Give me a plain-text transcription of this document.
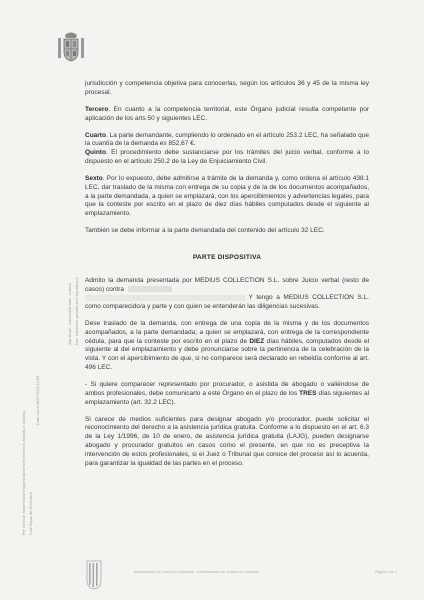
Per verificar l'autenticitat d'aquest document electrònic accediu a l'adreça Codi Segur de Verificació
Data i hora 06/07/2022 13:05
Signat per: Juez/Letrat Adm. Justícia Doc. electrònic garantit amb signatura-e

jurisdicción y competencia objetiva para conocerlas, según los artículos 36 y 45 de la misma ley procesal.

Tercero. En cuanto a la competencia territorial, este Órgano judicial resulta competente por aplicación de los arts 50 y siguientes LEC.

Cuarto. La parte demandante, cumpliendo lo ordenado en el artículo 253.2 LEC, ha señalado que la cuantía de la demanda es 852,67 €.

Quinto. El procedimiento debe sustanciarse por los trámites del juicio verbal, conforme a lo dispuesto en el artículo 250.2 de la Ley de Enjuiciamiento Civil.

Sexto. Por lo expuesto, debe admitirse a trámite de la demanda y, como ordena el artículo 438.1 LEC, dar traslado de la misma con entrega de su copia y de la de los documentos acompañados, a la parte demandada, a quien se emplazará, con los apercibimientos y advertencias legales, para que la conteste por escrito en el plazo de diez días hábiles computados desde el siguiente al emplazamiento.

También se debe informar a la parte demandada del contenido del artículo 32 LEC.

PARTE DISPOSITIVA

Admito la demanda presentada por MEDIUS COLLECTION S.L. sobre Juicio verbal (resto de casos) contra
Y tengo a MEDIUS COLLECTION S.L. como comparecido/a y parte y con quien se entenderán las diligencias sucesivas.

Dese traslado de la demanda, con entrega de una copia de la misma y de los documentos acompañados, a la parte demandada; a quien se emplazará, con entrega de la correspondiente cédula, para que la conteste por escrito en el plazo de DIEZ días hábiles, computados desde el siguiente al del emplazamiento y debe pronunciarse sobre la pertinencia de la celebración de la vista. Y con el apercibimiento de que, si no comparece será declarado en rebeldía conforme al art. 496 LEC.

- Si quiere comparecer representado por procurador, o asistida de abogado o valiéndose de ambos profesionales, debe comunicarlo a este Órgano en el plazo de los TRES días siguientes al emplazamiento (art. 32.2 LEC).

Si carece de medios suficientes para designar abogado y/o procurador, puede solicitar el reconocimiento del derecho a la asistencia jurídica gratuita. Conforme a lo dispuesto en el art. 6.3 de la Ley 1/1996, de 10 de enero, de asistencia jurídica gratuita (LAJG), pueden designarse abogado y procurador gratuitos en casos como el presente, en que no es preceptiva la intervención de estos profesionales, si el Juez o Tribunal que conoce del proceso así lo acuerda, para garantizar la igualdad de las partes en el proceso.

Administració de Justícia a Catalunya · Administración de Justicia en Cataluña	Pàgina 2 de 4
